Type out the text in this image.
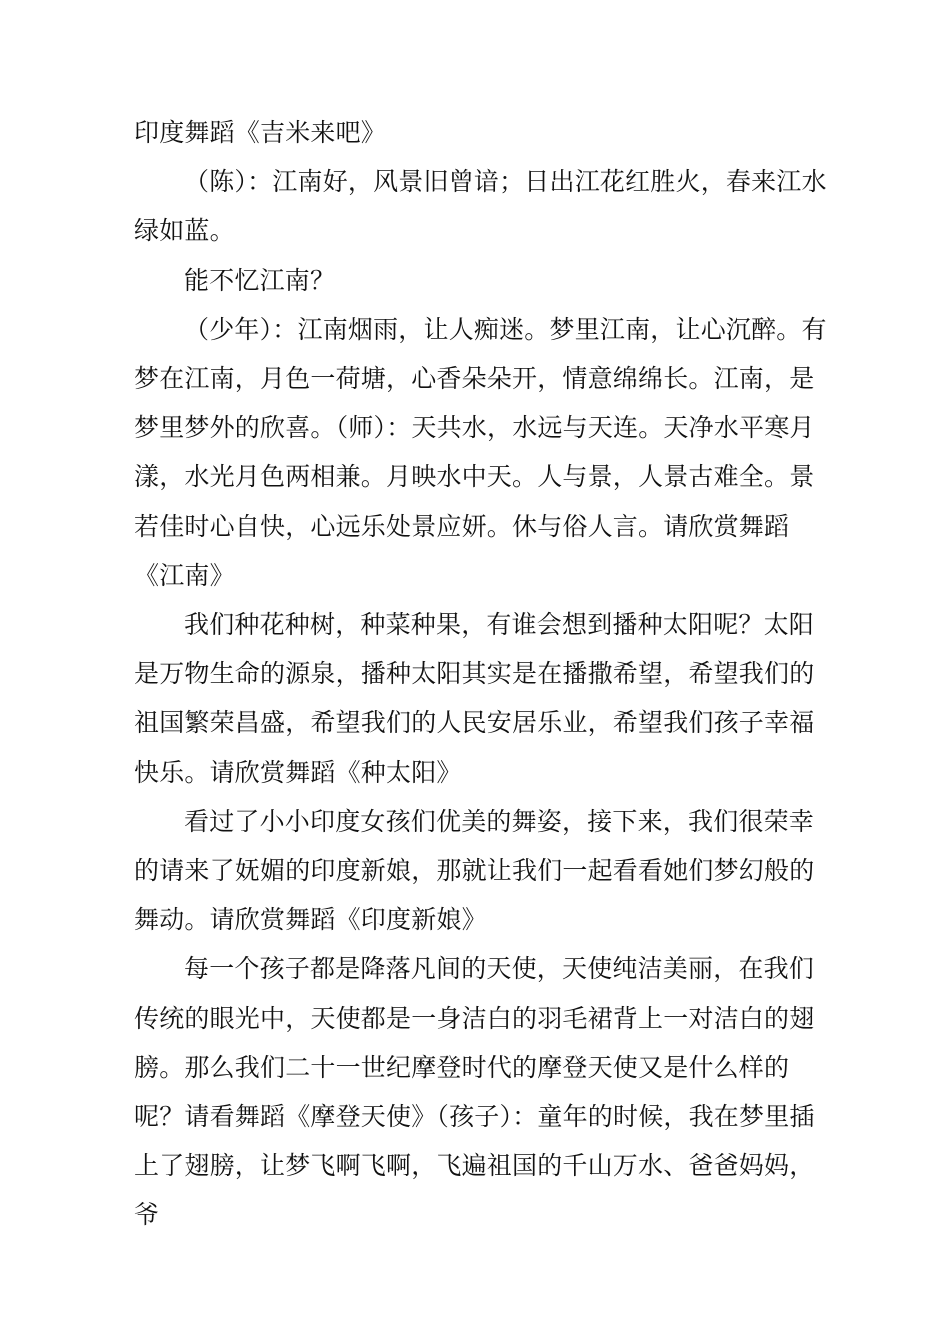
印度舞蹈《吉米来吧》

（陈）：江南好，风景旧曾谙；日出江花红胜火，春来江水绿如蓝。

能不忆江南？

（少年）：江南烟雨，让人痴迷。梦里江南，让心沉醉。有梦在江南，月色一荷塘，心香朵朵开，情意绵绵长。江南，是梦里梦外的欣喜。（师）：天共水，水远与天连。天净水平寒月漾，水光月色两相兼。月映水中天。人与景，人景古难全。景若佳时心自快，心远乐处景应妍。休与俗人言。请欣赏舞蹈《江南》

我们种花种树，种菜种果，有谁会想到播种太阳呢？太阳是万物生命的源泉，播种太阳其实是在播撒希望，希望我们的祖国繁荣昌盛，希望我们的人民安居乐业，希望我们孩子幸福快乐。请欣赏舞蹈《种太阳》

看过了小小印度女孩们优美的舞姿，接下来，我们很荣幸的请来了妩媚的印度新娘，那就让我们一起看看她们梦幻般的舞动。请欣赏舞蹈《印度新娘》

每一个孩子都是降落凡间的天使，天使纯洁美丽，在我们传统的眼光中，天使都是一身洁白的羽毛裙背上一对洁白的翅膀。那么我们二十一世纪摩登时代的摩登天使又是什么样的呢？请看舞蹈《摩登天使》（孩子）：童年的时候，我在梦里插上了翅膀，让梦飞啊飞啊，飞遍祖国的千山万水、爸爸妈妈，爷
